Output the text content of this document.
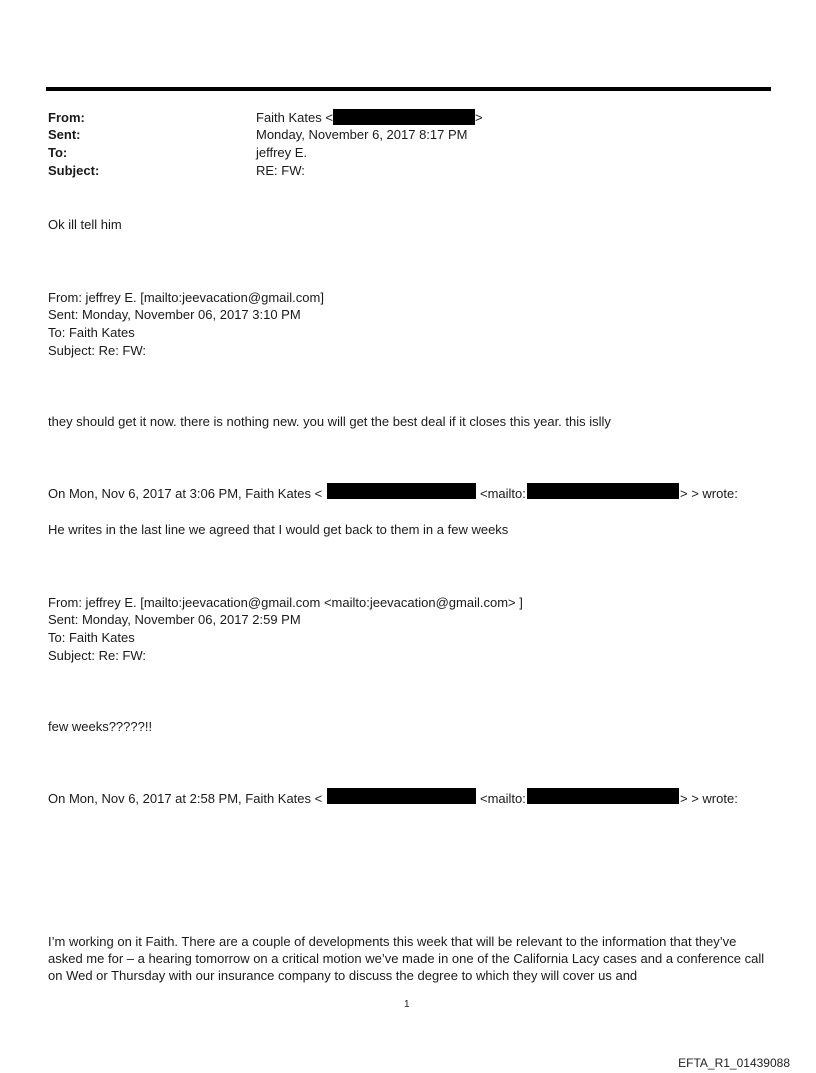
From:	Faith Kates <	>
Sent:	Monday, November 6, 2017 8:17 PM
To:	jeffrey E.
Subject:	RE: FW:
Ok ill tell him
From: jeffrey E. [mailto:jeevacation@gmail.com]
Sent: Monday, November 06, 2017 3:10 PM
To: Faith Kates
Subject: Re: FW:
they should get it now. there is nothing new. you will get the best deal if it closes this year. this islly
On Mon, Nov 6, 2017 at 3:06 PM, Faith Kates <	<mailto:	> > wrote:
He writes in the last line we agreed that I would get back to them in a few weeks
From: jeffrey E. [mailto:jeevacation@gmail.com <mailto:jeevacation@gmail.com> ]
Sent: Monday, November 06, 2017 2:59 PM
To: Faith Kates
Subject: Re: FW:
few weeks?????!!
On Mon, Nov 6, 2017 at 2:58 PM, Faith Kates <	<mailto:	> > wrote:
I’m working on it Faith. There are a couple of developments this week that will be relevant to the information that they’ve asked me for – a hearing tomorrow on a critical motion we’ve made in one of the California Lacy cases and a conference call on Wed or Thursday with our insurance company to discuss the degree to which they will cover us and
1
EFTA_R1_01439088
